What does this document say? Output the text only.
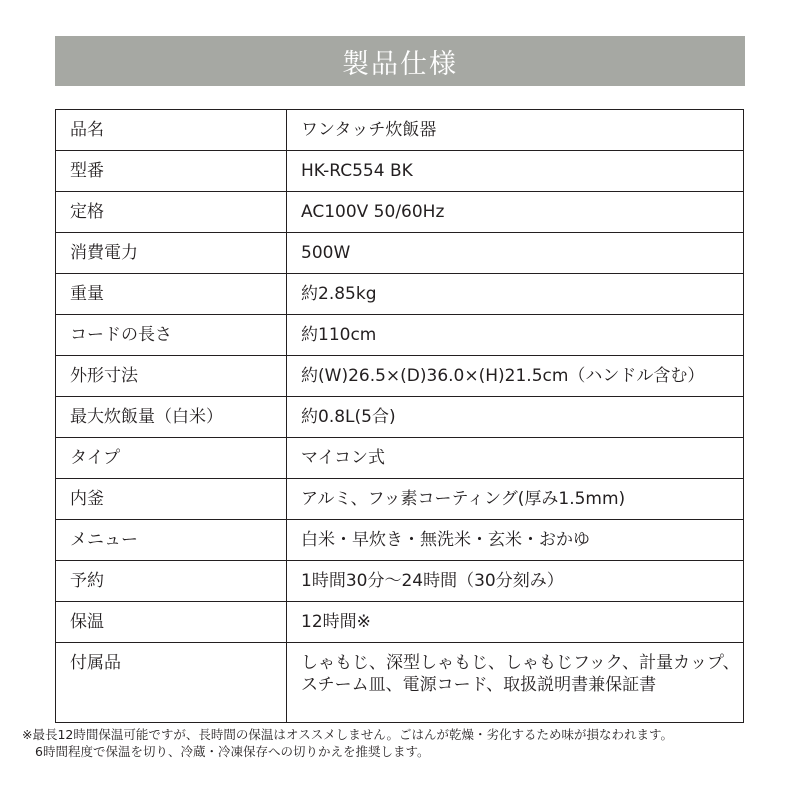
製品仕様
品名	ワンタッチ炊飯器

型番	HK-RC554 BK

定格	AC100V 50/60Hz

消費電力	500W

重量	約2.85kg

コードの長さ	約110cm

外形寸法	約(W)26.5×(D)36.0×(H)21.5cm（ハンドル含む）

最大炊飯量（白米）	約0.8L(5合)

タイプ	マイコン式

内釜	アルミ、フッ素コーティング(厚み1.5mm)

メニュー	白米・早炊き・無洗米・玄米・おかゆ

予約	1時間30分～24時間（30分刻み）

保温	12時間※

付属品	しゃもじ、深型しゃもじ、しゃもじフック、計量カップ、
スチーム皿、電源コード、取扱説明書兼保証書
※最長12時間保温可能ですが、長時間の保温はオススメしません。ごはんが乾燥・劣化するため味が損なわれます。
6時間程度で保温を切り、冷蔵・冷凍保存への切りかえを推奨します。
